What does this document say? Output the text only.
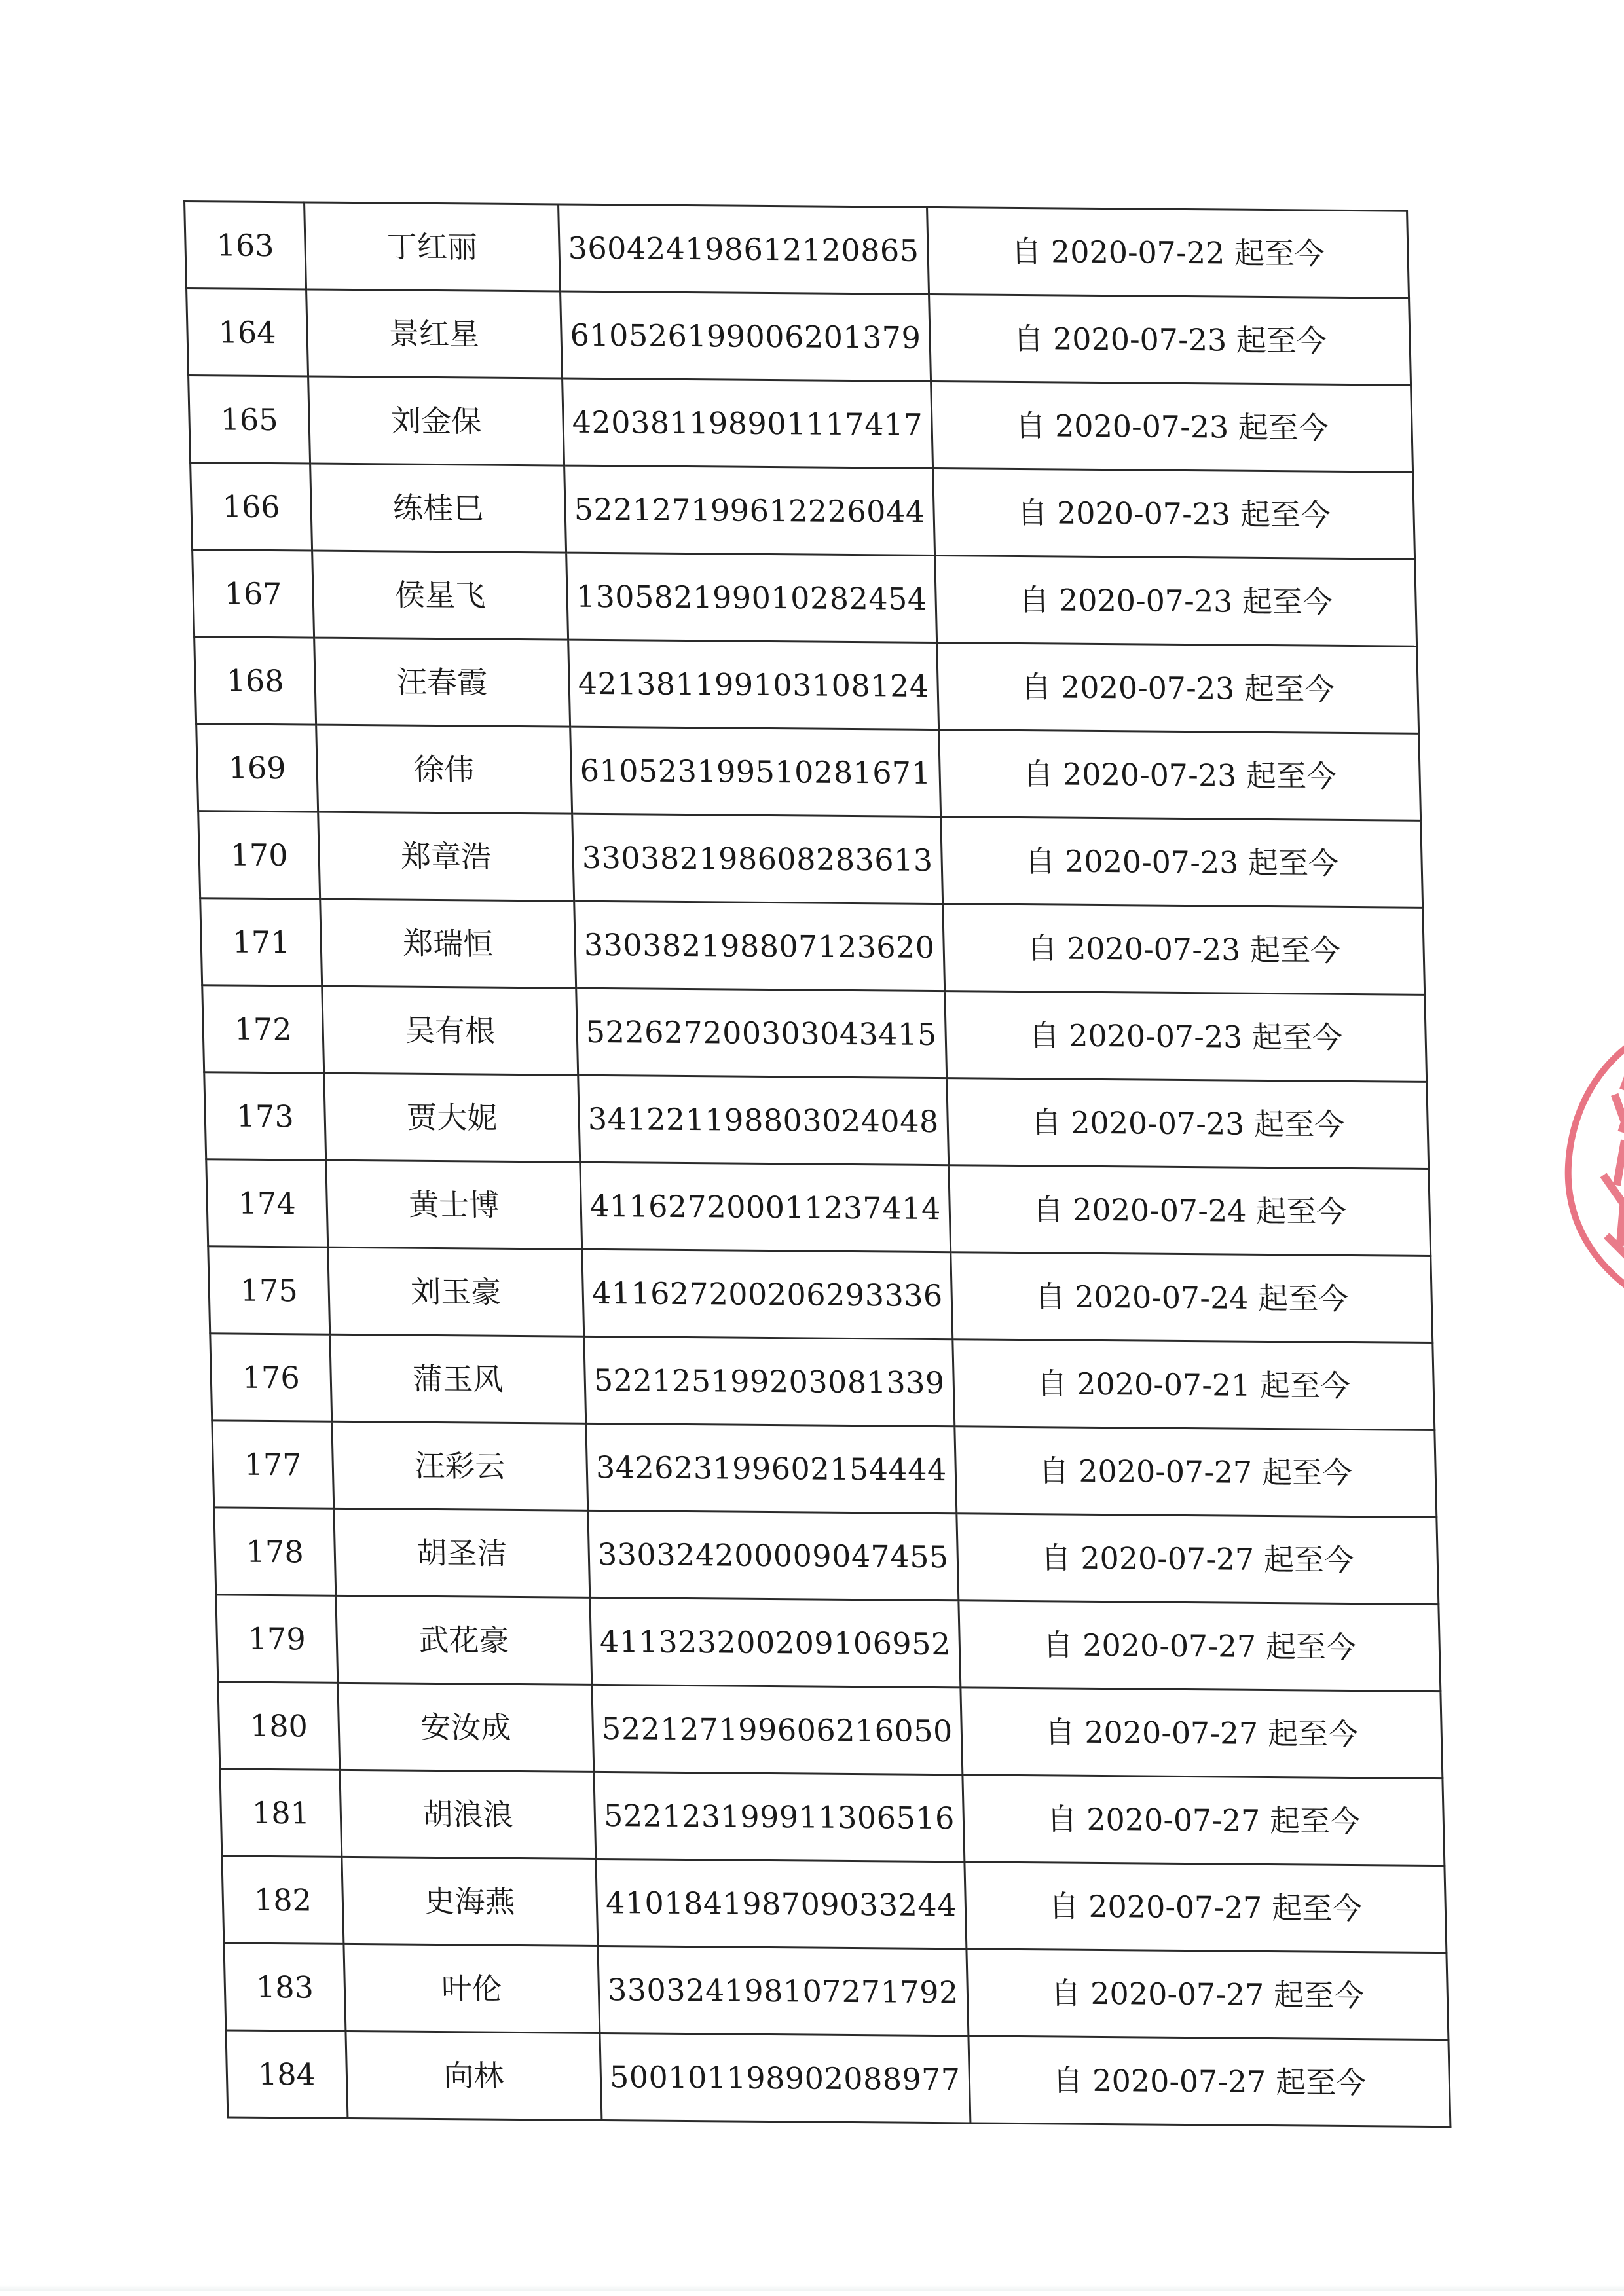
163	丁红丽	360424198612120865	自 2020-07-22 起至今
164	景红星	610526199006201379	自 2020-07-23 起至今
165	刘金保	420381198901117417	自 2020-07-23 起至今
166	练桂巳	522127199612226044	自 2020-07-23 起至今
167	侯星飞	130582199010282454	自 2020-07-23 起至今
168	汪春霞	421381199103108124	自 2020-07-23 起至今
169	徐伟	610523199510281671	自 2020-07-23 起至今
170	郑章浩	330382198608283613	自 2020-07-23 起至今
171	郑瑞恒	330382198807123620	自 2020-07-23 起至今
172	吴有根	522627200303043415	自 2020-07-23 起至今
173	贾大妮	341221198803024048	自 2020-07-23 起至今
174	黄士博	411627200011237414	自 2020-07-24 起至今
175	刘玉豪	411627200206293336	自 2020-07-24 起至今
176	蒲玉风	522125199203081339	自 2020-07-21 起至今
177	汪彩云	342623199602154444	自 2020-07-27 起至今
178	胡圣洁	330324200009047455	自 2020-07-27 起至今
179	武花豪	411323200209106952	自 2020-07-27 起至今
180	安汝成	522127199606216050	自 2020-07-27 起至今
181	胡浪浪	522123199911306516	自 2020-07-27 起至今
182	史海燕	410184198709033244	自 2020-07-27 起至今
183	叶伦	330324198107271792	自 2020-07-27 起至今
184	向林	500101198902088977	自 2020-07-27 起至今
